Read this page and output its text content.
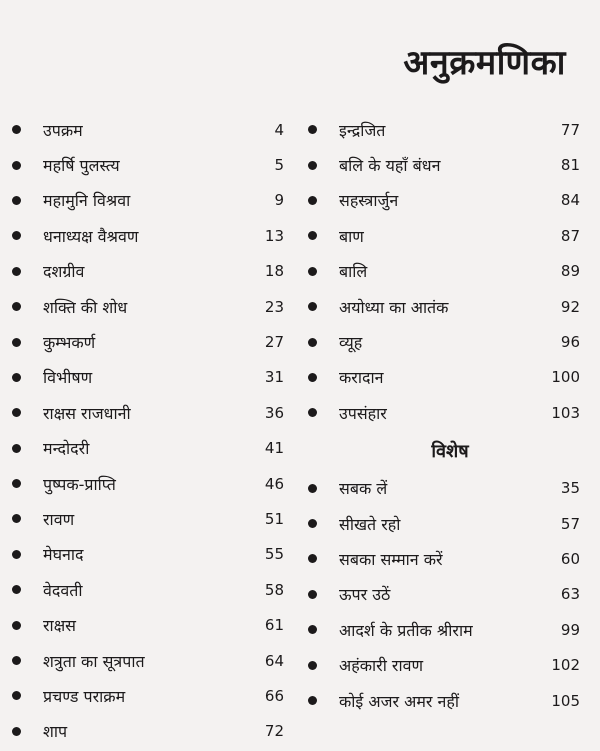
अनुक्रमणिका
उपक्रम	4
महर्षि पुलस्त्य	5
महामुनि विश्रवा	9
धनाध्यक्ष वैश्रवण	13
दशग्रीव	18
शक्ति की शोध	23
कुम्भकर्ण	27
विभीषण	31
राक्षस राजधानी	36
मन्दोदरी	41
पुष्पक-प्राप्ति	46
रावण	51
मेघनाद	55
वेदवती	58
राक्षस	61
शत्रुता का सूत्रपात	64
प्रचण्ड पराक्रम	66
शाप	72
इन्द्रजित	77
बलि के यहाँ बंधन	81
सहस्त्रार्जुन	84
बाण	87
बालि	89
अयोध्या का आतंक	92
व्यूह	96
करादान	100
उपसंहार	103
विशेष
सबक लें	35
सीखते रहो	57
सबका सम्मान करें	60
ऊपर उठें	63
आदर्श के प्रतीक श्रीराम	99
अहंकारी रावण	102
कोई अजर अमर नहीं	105
